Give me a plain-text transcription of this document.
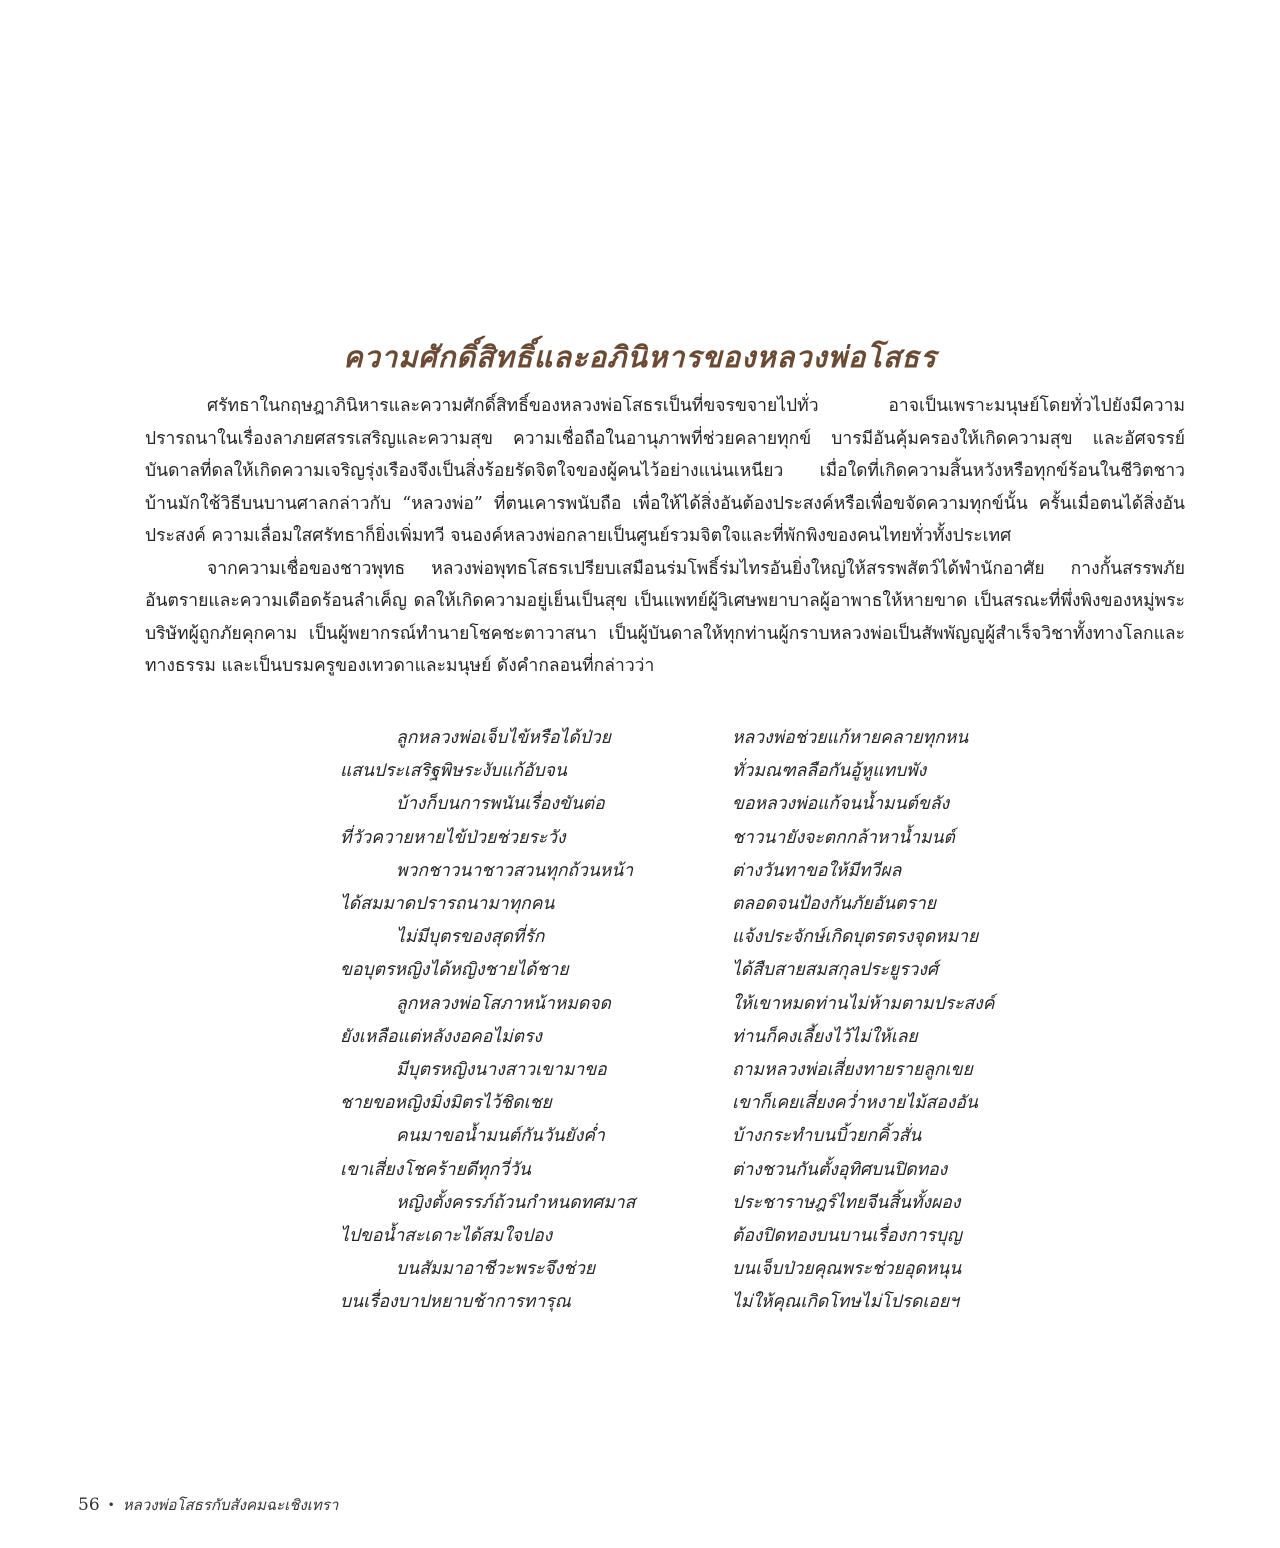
ความศักดิ์สิทธิ์และอภินิหารของหลวงพ่อโสธร

ศรัทธาในกฤษฎาภินิหารและความศักดิ์สิทธิ์ของหลวงพ่อโสธรเป็นที่ขจรขจายไปทั่ว อาจเป็นเพราะมนุษย์โดยทั่วไปยังมีความปรารถนาในเรื่องลาภยศสรรเสริญและความสุข ความเชื่อถือในอานุภาพที่ช่วยคลายทุกข์ บารมีอันคุ้มครองให้เกิดความสุข และอัศจรรย์บันดาลที่ดลให้เกิดความเจริญรุ่งเรืองจึงเป็นสิ่งร้อยรัดจิตใจของผู้คนไว้อย่างแน่นเหนียว เมื่อใดที่เกิดความสิ้นหวังหรือทุกข์ร้อนในชีวิตชาวบ้านมักใช้วิธีบนบานศาลกล่าวกับ “หลวงพ่อ” ที่ตนเคารพนับถือ เพื่อให้ได้สิ่งอันต้องประสงค์หรือเพื่อขจัดความทุกข์นั้น ครั้นเมื่อตนได้สิ่งอันประสงค์ ความเลื่อมใสศรัทธาก็ยิ่งเพิ่มทวี จนองค์หลวงพ่อกลายเป็นศูนย์รวมจิตใจและที่พักพิงของคนไทยทั่วทั้งประเทศ

จากความเชื่อของชาวพุทธ หลวงพ่อพุทธโสธรเปรียบเสมือนร่มโพธิ์ร่มไทรอันยิ่งใหญ่ให้สรรพสัตว์ได้พำนักอาศัย กางกั้นสรรพภัยอันตรายและความเดือดร้อนลำเค็ญ ดลให้เกิดความอยู่เย็นเป็นสุข เป็นแพทย์ผู้วิเศษพยาบาลผู้อาพาธให้หายขาด เป็นสรณะที่พึ่งพิงของหมู่พระบริษัทผู้ถูกภัยคุกคาม เป็นผู้พยากรณ์ทำนายโชคชะตาวาสนา เป็นผู้บันดาลให้ทุกท่านผู้กราบหลวงพ่อเป็นสัพพัญญูผู้สำเร็จวิชาทั้งทางโลกและทางธรรม และเป็นบรมครูของเทวดาและมนุษย์ ดังคำกลอนที่กล่าวว่า

ลูกหลวงพ่อเจ็บไข้หรือได้ป่วย
แสนประเสริฐพิษระงับแก้อับจน
บ้างก็บนการพนันเรื่องขันต่อ
ที่วัวควายหายไข้ป่วยช่วยระวัง
พวกชาวนาชาวสวนทุกถ้วนหน้า
ได้สมมาดปรารถนามาทุกคน
ไม่มีบุตรของสุดที่รัก
ขอบุตรหญิงได้หญิงชายได้ชาย
ลูกหลวงพ่อโสภาหน้าหมดจด
ยังเหลือแต่หลังงอคอไม่ตรง
มีบุตรหญิงนางสาวเขามาขอ
ชายขอหญิงมิ่งมิตรไว้ชิดเชย
คนมาขอน้ำมนต์กันวันยังค่ำ
เขาเสี่ยงโชคร้ายดีทุกวี่วัน
หญิงตั้งครรภ์ถ้วนกำหนดทศมาส
ไปขอน้ำสะเดาะได้สมใจปอง
บนสัมมาอาชีวะพระจึงช่วย
บนเรื่องบาปหยาบช้าการทารุณ
หลวงพ่อช่วยแก้หายคลายทุกหน
ทั่วมณฑลลือกันอู้หูแทบพัง
ขอหลวงพ่อแก้จนน้ำมนต์ขลัง
ชาวนายังจะตกกล้าหาน้ำมนต์
ต่างวันทาขอให้มีทวีผล
ตลอดจนป้องกันภัยอันตราย
แจ้งประจักษ์เกิดบุตรตรงจุดหมาย
ได้สืบสายสมสกุลประยูรวงศ์
ให้เขาหมดท่านไม่ห้ามตามประสงค์
ท่านก็คงเลี้ยงไว้ไม่ให้เลย
ถามหลวงพ่อเสี่ยงทายรายลูกเขย
เขาก็เคยเสี่ยงคว่ำหงายไม้สองอัน
บ้างกระทำบนบิ้วยกคิ้วสั่น
ต่างชวนกันตั้งอุทิศบนปิดทอง
ประชาราษฎร์ไทยจีนสิ้นทั้งผอง
ต้องปิดทองบนบานเรื่องการบุญ
บนเจ็บป่วยคุณพระช่วยอุดหนุน
ไม่ให้คุณเกิดโทษไม่โปรดเอยฯ
56 • หลวงพ่อโสธรกับสังคมฉะเชิงเทรา
